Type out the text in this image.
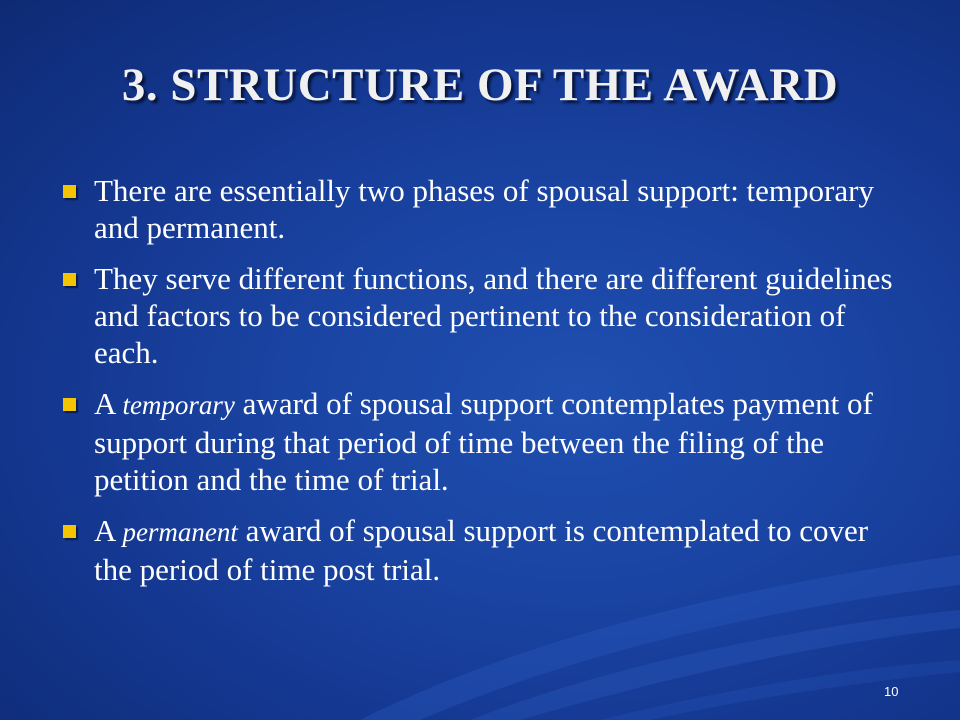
3. STRUCTURE OF THE AWARD
There are essentially two phases of spousal support: temporary and permanent.
They serve different functions, and there are different guidelines and factors to be considered pertinent to the consideration of each.
A temporary award of spousal support contemplates payment of support during that period of time between the filing of the petition and the time of trial.
A permanent award of spousal support is contemplated to cover the period of time post trial.
10
